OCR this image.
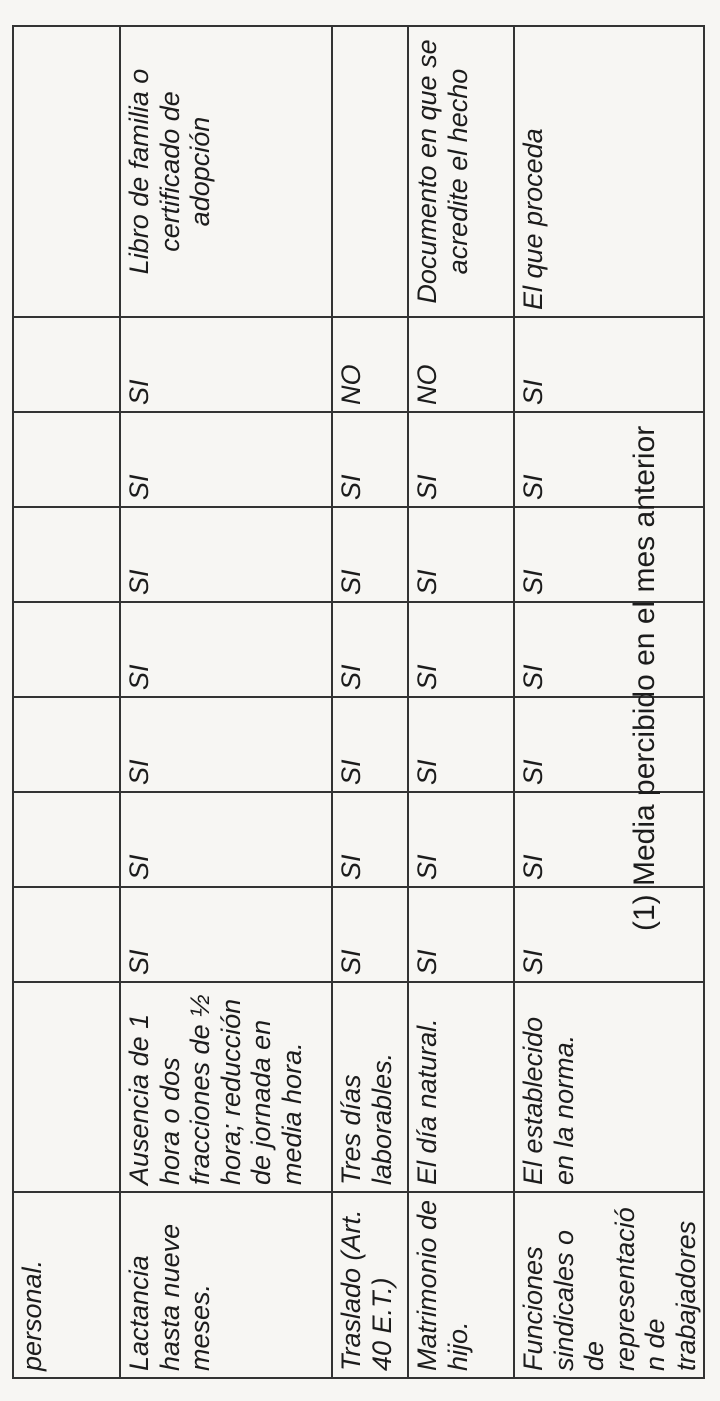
personal.									
Lactancia hasta nueve meses.	Ausencia de 1 hora o dos fracciones de ½ hora; reducción de jornada en media hora.	SI	SI	SI	SI	SI	SI	SI	Libro de familia o certificado de adopción
Traslado (Art. 40 E.T.)	Tres días laborables.	SI	SI	SI	SI	SI	SI	NO	
Matrimonio de hijo.	El día natural.	SI	SI	SI	SI	SI	SI	NO	Documento en que se acredite el hecho
Funciones sindicales o de representación de trabajadores	El establecido en la norma.	SI	SI	SI	SI	SI	SI	SI	El que proceda
(1) Media percibido en el mes anterior
